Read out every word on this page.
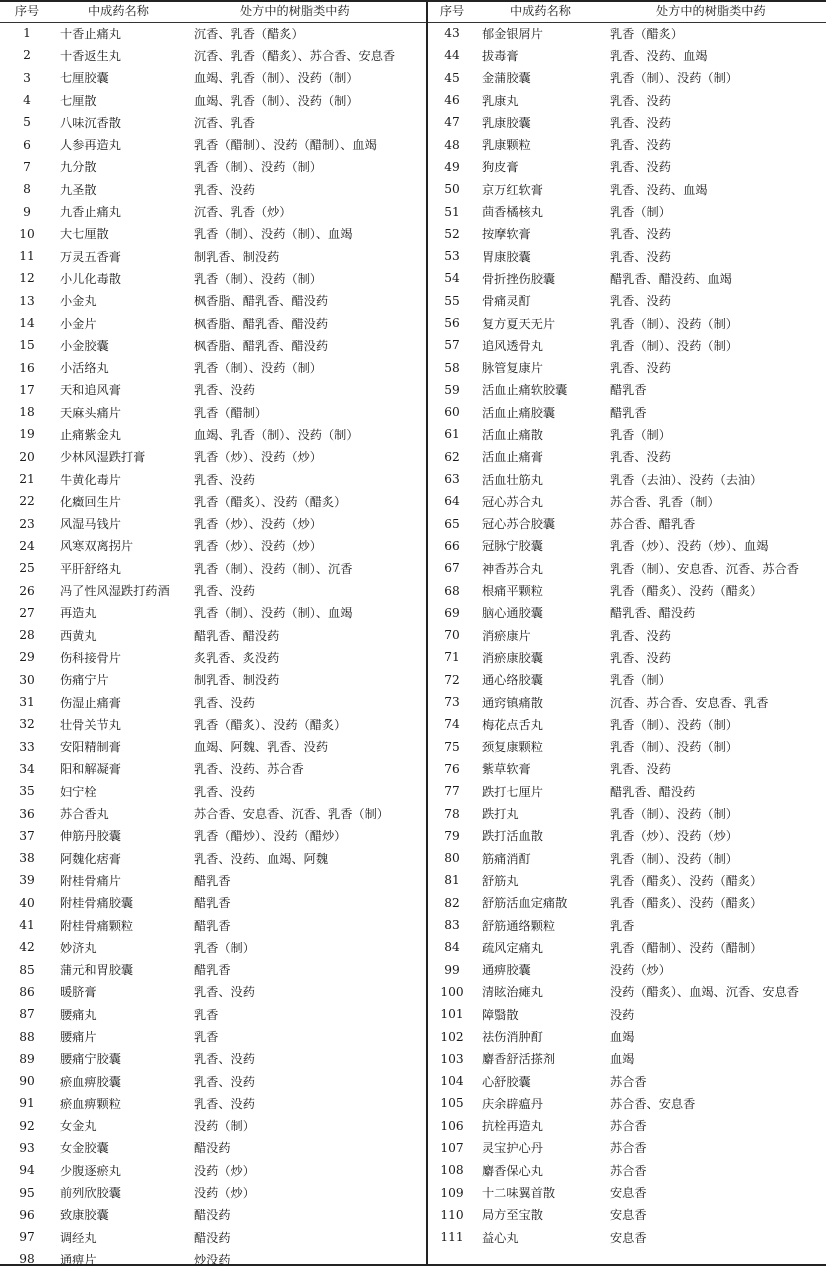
序号	中成药名称	处方中的树脂类中药
1	十香止痛丸	沉香、乳香（醋炙）
2	十香返生丸	沉香、乳香（醋炙）、苏合香、安息香
3	七厘胶囊	血竭、乳香（制）、没药（制）
4	七厘散	血竭、乳香（制）、没药（制）
5	八味沉香散	沉香、乳香
6	人参再造丸	乳香（醋制）、没药（醋制）、血竭
7	九分散	乳香（制）、没药（制）
8	九圣散	乳香、没药
9	九香止痛丸	沉香、乳香（炒）
10	大七厘散	乳香（制）、没药（制）、血竭
11	万灵五香膏	制乳香、制没药
12	小儿化毒散	乳香（制）、没药（制）
13	小金丸	枫香脂、醋乳香、醋没药
14	小金片	枫香脂、醋乳香、醋没药
15	小金胶囊	枫香脂、醋乳香、醋没药
16	小活络丸	乳香（制）、没药（制）
17	天和追风膏	乳香、没药
18	天麻头痛片	乳香（醋制）
19	止痛紫金丸	血竭、乳香（制）、没药（制）
20	少林风湿跌打膏	乳香（炒）、没药（炒）
21	牛黄化毒片	乳香、没药
22	化癥回生片	乳香（醋炙）、没药（醋炙）
23	风湿马钱片	乳香（炒）、没药（炒）
24	风寒双离拐片	乳香（炒）、没药（炒）
25	平肝舒络丸	乳香（制）、没药（制）、沉香
26	冯了性风湿跌打药酒	乳香、没药
27	再造丸	乳香（制）、没药（制）、血竭
28	西黄丸	醋乳香、醋没药
29	伤科接骨片	炙乳香、炙没药
30	伤痛宁片	制乳香、制没药
31	伤湿止痛膏	乳香、没药
32	壮骨关节丸	乳香（醋炙）、没药（醋炙）
33	安阳精制膏	血竭、阿魏、乳香、没药
34	阳和解凝膏	乳香、没药、苏合香
35	妇宁栓	乳香、没药
36	苏合香丸	苏合香、安息香、沉香、乳香（制）
37	伸筋丹胶囊	乳香（醋炒）、没药（醋炒）
38	阿魏化痞膏	乳香、没药、血竭、阿魏
39	附桂骨痛片	醋乳香
40	附桂骨痛胶囊	醋乳香
41	附桂骨痛颗粒	醋乳香
42	妙济丸	乳香（制）
85	蒲元和胃胶囊	醋乳香
86	暖脐膏	乳香、没药
87	腰痛丸	乳香
88	腰痛片	乳香
89	腰痛宁胶囊	乳香、没药
90	瘀血痹胶囊	乳香、没药
91	瘀血痹颗粒	乳香、没药
92	女金丸	没药（制）
93	女金胶囊	醋没药
94	少腹逐瘀丸	没药（炒）
95	前列欣胶囊	没药（炒）
96	致康胶囊	醋没药
97	调经丸	醋没药
98	通痹片	炒没药
序号	中成药名称	处方中的树脂类中药
43	郁金银屑片	乳香（醋炙）
44	拔毒膏	乳香、没药、血竭
45	金蒲胶囊	乳香（制）、没药（制）
46	乳康丸	乳香、没药
47	乳康胶囊	乳香、没药
48	乳康颗粒	乳香、没药
49	狗皮膏	乳香、没药
50	京万红软膏	乳香、没药、血竭
51	茴香橘核丸	乳香（制）
52	按摩软膏	乳香、没药
53	胃康胶囊	乳香、没药
54	骨折挫伤胶囊	醋乳香、醋没药、血竭
55	骨痛灵酊	乳香、没药
56	复方夏天无片	乳香（制）、没药（制）
57	追风透骨丸	乳香（制）、没药（制）
58	脉管复康片	乳香、没药
59	活血止痛软胶囊	醋乳香
60	活血止痛胶囊	醋乳香
61	活血止痛散	乳香（制）
62	活血止痛膏	乳香、没药
63	活血壮筋丸	乳香（去油）、没药（去油）
64	冠心苏合丸	苏合香、乳香（制）
65	冠心苏合胶囊	苏合香、醋乳香
66	冠脉宁胶囊	乳香（炒）、没药（炒）、血竭
67	神香苏合丸	乳香（制）、安息香、沉香、苏合香
68	根痛平颗粒	乳香（醋炙）、没药（醋炙）
69	脑心通胶囊	醋乳香、醋没药
70	消瘀康片	乳香、没药
71	消瘀康胶囊	乳香、没药
72	通心络胶囊	乳香（制）
73	通窍镇痛散	沉香、苏合香、安息香、乳香
74	梅花点舌丸	乳香（制）、没药（制）
75	颈复康颗粒	乳香（制）、没药（制）
76	紫草软膏	乳香、没药
77	跌打七厘片	醋乳香、醋没药
78	跌打丸	乳香（制）、没药（制）
79	跌打活血散	乳香（炒）、没药（炒）
80	筋痛消酊	乳香（制）、没药（制）
81	舒筋丸	乳香（醋炙）、没药（醋炙）
82	舒筋活血定痛散	乳香（醋炙）、没药（醋炙）
83	舒筋通络颗粒	乳香
84	疏风定痛丸	乳香（醋制）、没药（醋制）
99	通痹胶囊	没药（炒）
100	清眩治瘫丸	没药（醋炙）、血竭、沉香、安息香
101	障翳散	没药
102	祛伤消肿酊	血竭
103	麝香舒活搽剂	血竭
104	心舒胶囊	苏合香
105	庆余辟瘟丹	苏合香、安息香
106	抗栓再造丸	苏合香
107	灵宝护心丹	苏合香
108	麝香保心丸	苏合香
109	十二味翼首散	安息香
110	局方至宝散	安息香
111	益心丸	安息香
